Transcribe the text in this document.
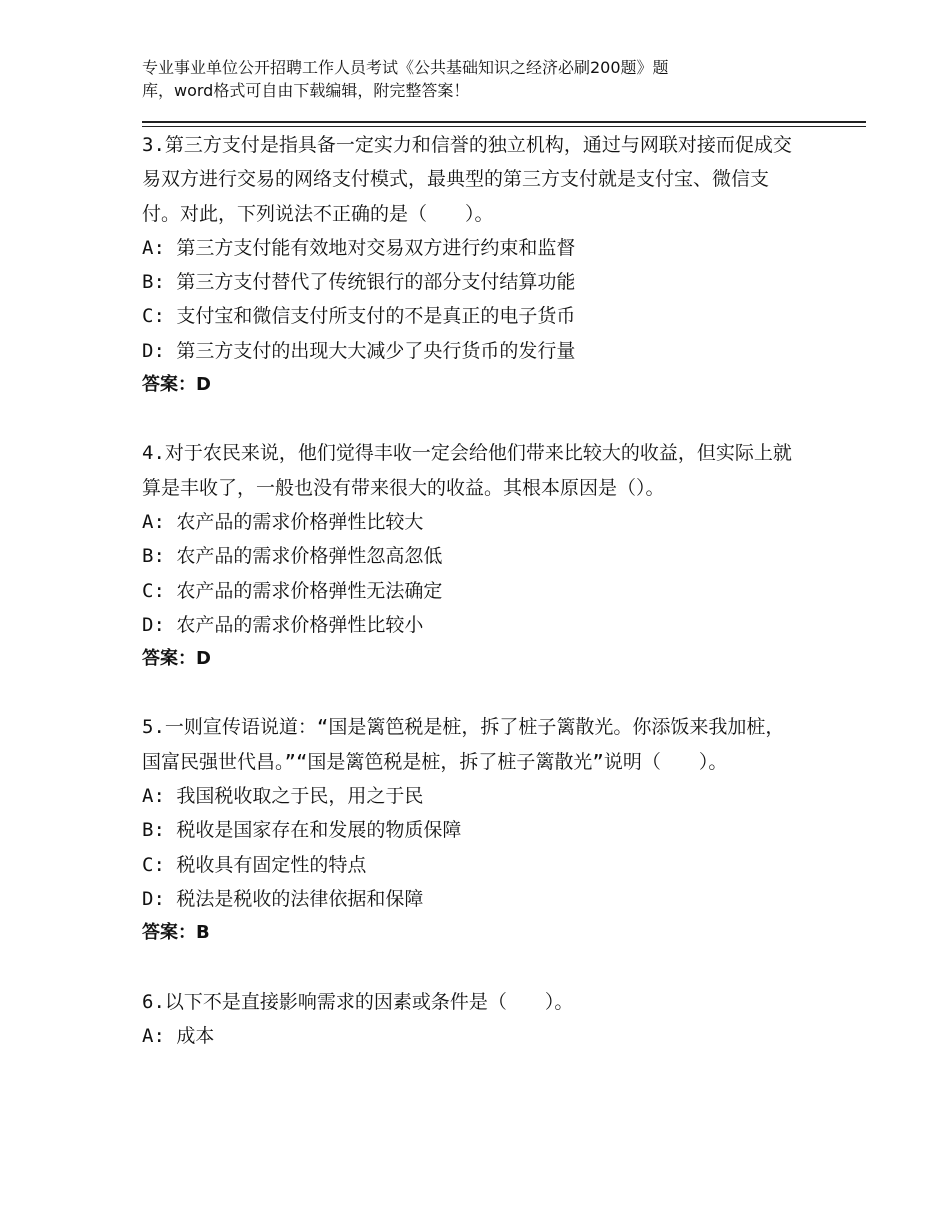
专业事业单位公开招聘工作人员考试《公共基础知识之经济必刷200题》题
库，word格式可自由下载编辑，附完整答案！

3.第三方支付是指具备一定实力和信誉的独立机构，通过与网联对接而促成交易双方进行交易的网络支付模式，最典型的第三方支付就是支付宝、微信支付。对此，下列说法不正确的是（　　）。

A: 第三方支付能有效地对交易双方进行约束和监督

B: 第三方支付替代了传统银行的部分支付结算功能

C: 支付宝和微信支付所支付的不是真正的电子货币

D: 第三方支付的出现大大减少了央行货币的发行量

答案：D

4.对于农民来说，他们觉得丰收一定会给他们带来比较大的收益，但实际上就算是丰收了，一般也没有带来很大的收益。其根本原因是（）。

A: 农产品的需求价格弹性比较大

B: 农产品的需求价格弹性忽高忽低

C: 农产品的需求价格弹性无法确定

D: 农产品的需求价格弹性比较小

答案：D

5.一则宣传语说道：“国是篱笆税是桩，拆了桩子篱散光。你添饭来我加桩，国富民强世代昌。”“国是篱笆税是桩，拆了桩子篱散光”说明（　　）。

A: 我国税收取之于民，用之于民

B: 税收是国家存在和发展的物质保障

C: 税收具有固定性的特点

D: 税法是税收的法律依据和保障

答案：B

6.以下不是直接影响需求的因素或条件是（　　）。

A: 成本
